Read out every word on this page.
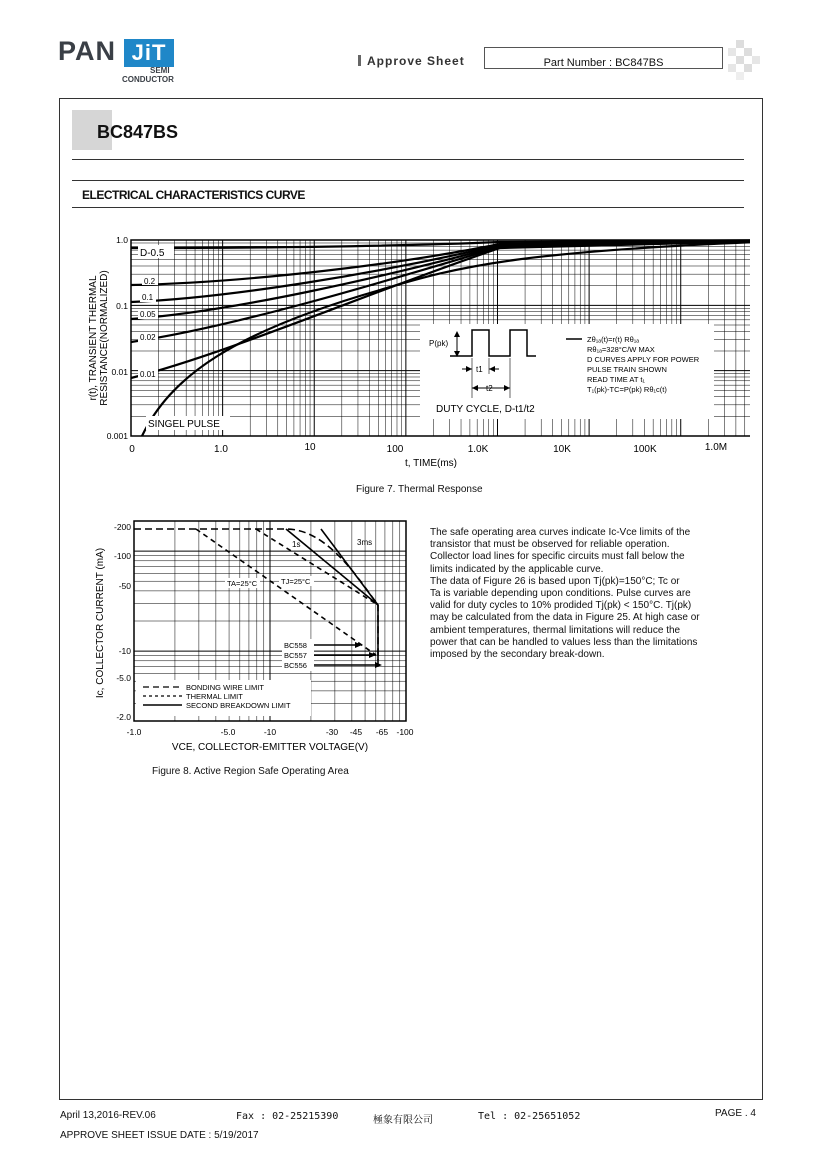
PAN JiT
SEMI
CONDUCTOR
Approve Sheet	Part Number : BC847BS
BC847BS
ELECTRICAL CHARACTERISTICS CURVE
1.0
0.1
0.01
0.001
0	1.0	10	100	1.0K	10K	100K	1.0M
t, TIME(ms)
r(t), TRANSIENT THERMAL RESISTANCE(NORMALIZED)
D-0.5
0.2
0.1
0.05
0.02
0.01
SINGEL PULSE
P(pk)
t1
t2
DUTY CYCLE, D-t1/t2
Zθ₁ₐ(t)=r(t) Rθ₁ₐ
Rθ₁ₐ=328°C/W MAX
D CURVES APPLY FOR POWER
PULSE TRAIN SHOWN
READ TIME AT t₁
T₁(pk)-TC=P(pk) Rθ₁c(t)
Figure 7. Thermal Response
-200
-100
-50
-10
-5.0
-2.0
-1.0	-5.0	-10	-30 -45 -65 -100
VCE, COLLECTOR-EMITTER VOLTAGE(V)
Ic, COLLECTOR CURRENT (mA)	TA=25°C	TJ=25°C
1s	3ms
BC558
BC557
BC556
BONDING WIRE LIMIT
THERMAL LIMIT
SECOND BREAKDOWN LIMIT
Figure 8. Active Region Safe Operating Area
The safe operating area curves indicate Ic-Vce limits of the
transistor that must be observed for reliable operation.
Collector load lines for specific circuits must fall below the
limits indicated by the applicable curve.
The data of Figure 26 is based upon Tj(pk)=150°C; Tc or
Ta is variable depending upon conditions. Pulse curves are
valid for duty cycles to 10% prodided Tj(pk) < 150°C. Tj(pk)
may be calculated from the data in Figure 25. At high case or
ambient temperatures, thermal limitations will reduce the
power that can be handled to values less than the limitations
imposed by the secondary break-down.
April 13,2016-REV.06	Fax : 02-25215390	極象有限公司	Tel : 02-25651052	PAGE . 4
APPROVE SHEET ISSUE DATE : 5/19/2017
